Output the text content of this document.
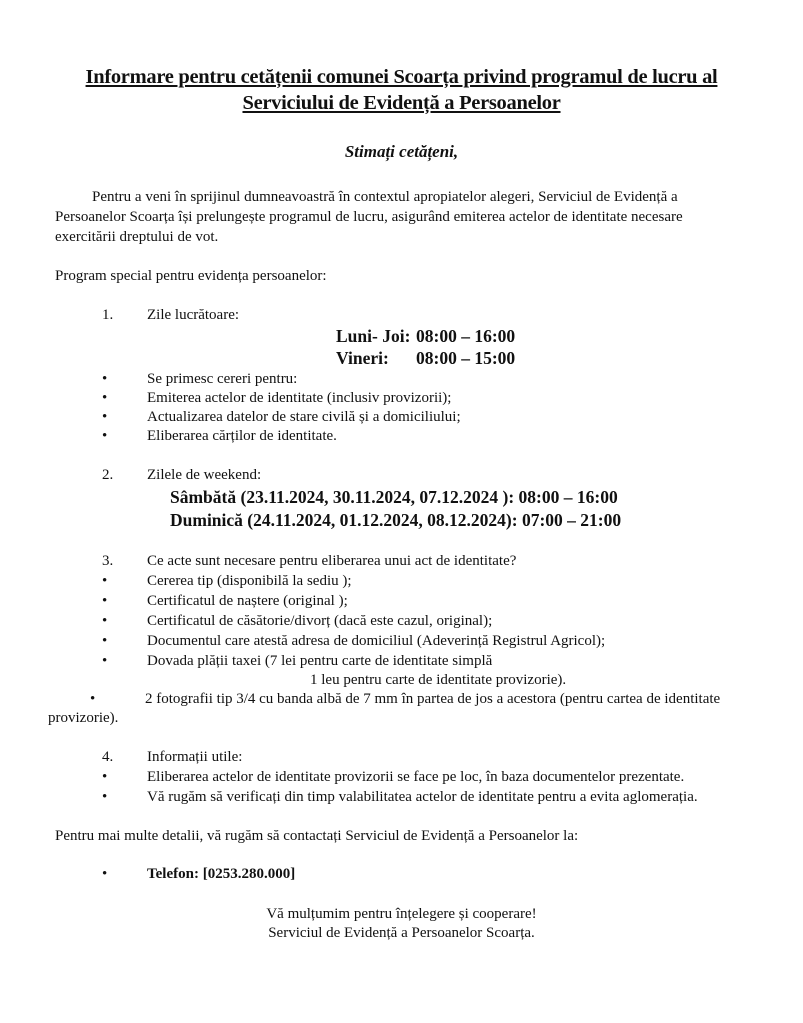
Informare pentru cetățenii comunei Scoarța privind programul de lucru al
Serviciului de Evidență a Persoanelor
Stimați cetățeni,
Pentru a veni în sprijinul dumneavoastră în contextul apropiatelor alegeri, Serviciul de Evidență a
Persoanelor Scoarța își prelungește programul de lucru, asigurând emiterea actelor de identitate necesare
exercitării dreptului de vot.
Program special pentru evidența persoanelor:
1. Zile lucrătoare:
Luni- Joi: 08:00 – 16:00
Vineri: 08:00 – 15:00
•	Se primesc cereri pentru:
•	Emiterea actelor de identitate (inclusiv provizorii);
•	Actualizarea datelor de stare civilă și a domiciliului;
•	Eliberarea cărților de identitate.
2. Zilele de weekend:
Sâmbătă (23.11.2024, 30.11.2024, 07.12.2024 ): 08:00 – 16:00
Duminică (24.11.2024, 01.12.2024, 08.12.2024): 07:00 – 21:00
3. Ce acte sunt necesare pentru eliberarea unui act de identitate?
•	Cererea tip (disponibilă la sediu );
•	Certificatul de naștere (original );
•	Certificatul de căsătorie/divorț (dacă este cazul, original);
•	Documentul care atestă adresa de domiciliul (Adeverință Registrul Agricol);
•	Dovada plății taxei (7 lei pentru carte de identitate simplă
1 leu pentru carte de identitate provizorie).
•	2 fotografii tip 3/4 cu banda albă de 7 mm în partea de jos a acestora (pentru cartea de identitate
provizorie).
4. Informații utile:
•	Eliberarea actelor de identitate provizorii se face pe loc, în baza documentelor prezentate.
•	Vă rugăm să verificați din timp valabilitatea actelor de identitate pentru a evita aglomerația.
Pentru mai multe detalii, vă rugăm să contactați Serviciul de Evidență a Persoanelor la:
•	Telefon: [0253.280.000]
Vă mulțumim pentru înțelegere și cooperare!
Serviciul de Evidență a Persoanelor Scoarța.
